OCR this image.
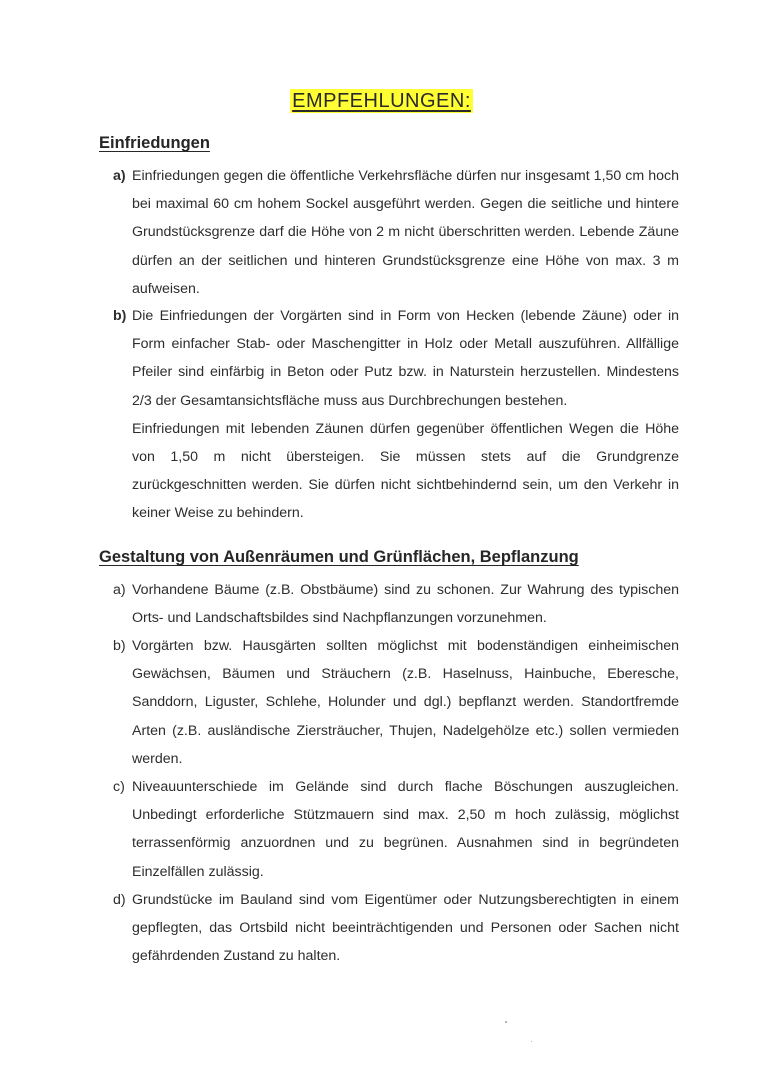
EMPFEHLUNGEN:
Einfriedungen
a) Einfriedungen gegen die öffentliche Verkehrsfläche dürfen nur insgesamt 1,50 cm hoch bei maximal 60 cm hohem Sockel ausgeführt werden. Gegen die seitliche und hintere Grundstücksgrenze darf die Höhe von 2 m nicht überschritten werden. Lebende Zäune dürfen an der seitlichen und hinteren Grundstücksgrenze eine Höhe von max. 3 m aufweisen.

b) Die Einfriedungen der Vorgärten sind in Form von Hecken (lebende Zäune) oder in Form einfacher Stab- oder Maschengitter in Holz oder Metall auszuführen. Allfällige Pfeiler sind einfärbig in Beton oder Putz bzw. in Naturstein herzustellen. Mindestens 2/3 der Gesamtansichtsfläche muss aus Durchbrechungen bestehen.

Einfriedungen mit lebenden Zäunen dürfen gegenüber öffentlichen Wegen die Höhe von 1,50 m nicht übersteigen. Sie müssen stets auf die Grundgrenze zurückgeschnitten werden. Sie dürfen nicht sichtbehindernd sein, um den Verkehr in keiner Weise zu behindern.

Gestaltung von Außenräumen und Grünflächen, Bepflanzung
a) Vorhandene Bäume (z.B. Obstbäume) sind zu schonen. Zur Wahrung des typischen Orts- und Landschaftsbildes sind Nachpflanzungen vorzunehmen.

b) Vorgärten bzw. Hausgärten sollten möglichst mit bodenständigen einheimischen Gewächsen, Bäumen und Sträuchern (z.B. Haselnuss, Hainbuche, Eberesche, Sanddorn, Liguster, Schlehe, Holunder und dgl.) bepflanzt werden. Standortfremde Arten (z.B. ausländische Ziersträucher, Thujen, Nadelgehölze etc.) sollen vermieden werden.

c) Niveauunterschiede im Gelände sind durch flache Böschungen auszugleichen. Unbedingt erforderliche Stützmauern sind max. 2,50 m hoch zulässig, möglichst terrassenförmig anzuordnen und zu begrünen. Ausnahmen sind in begründeten Einzelfällen zulässig.

d) Grundstücke im Bauland sind vom Eigentümer oder Nutzungsberechtigten in einem gepflegten, das Ortsbild nicht beeinträchtigenden und Personen oder Sachen nicht gefährdenden Zustand zu halten.
